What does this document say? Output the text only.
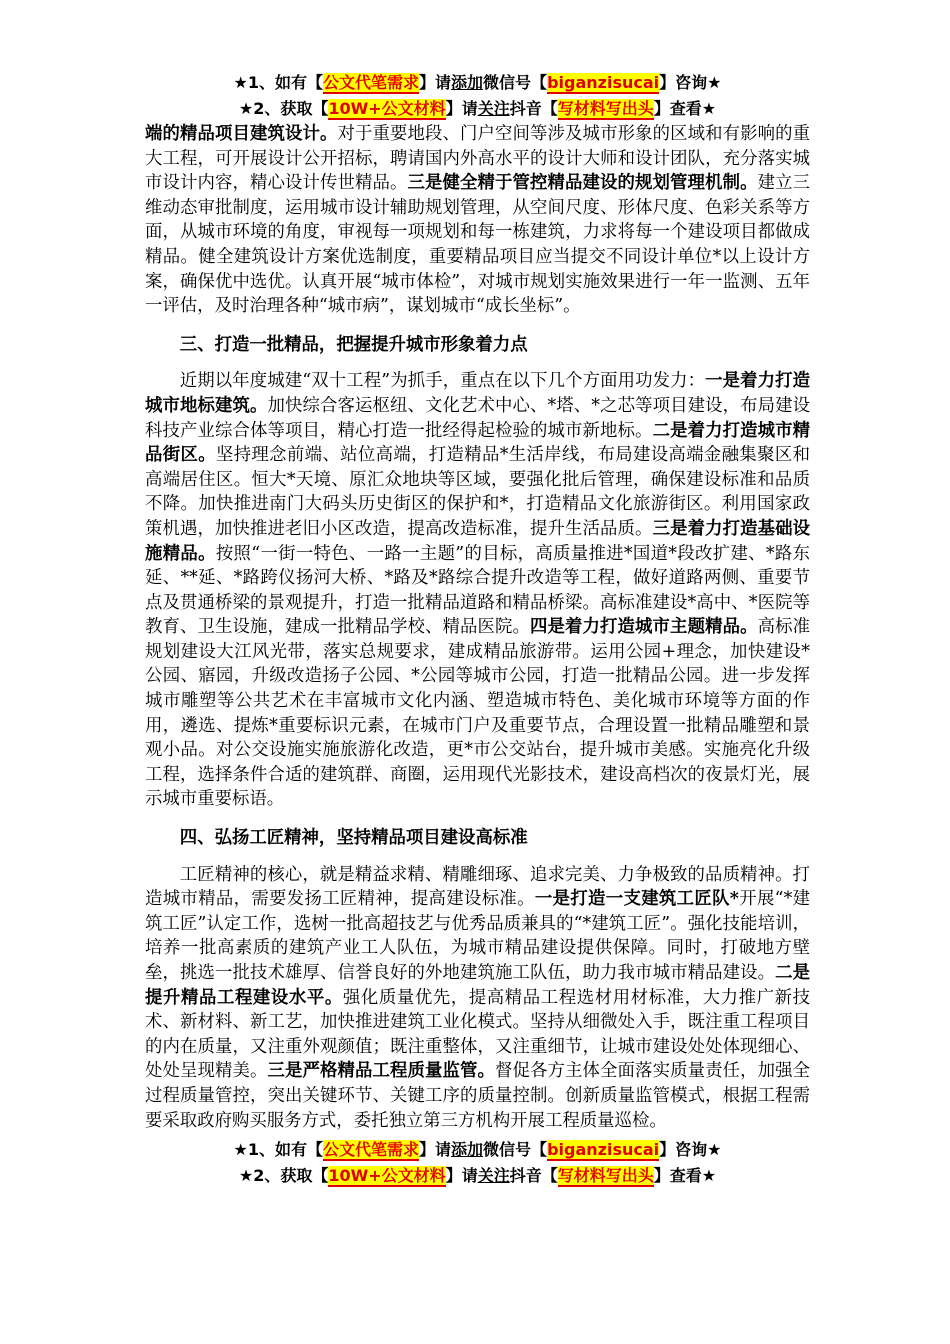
★1、如有【公文代笔需求】请添加微信号【biganzisucai】咨询★
★2、获取【10W+公文材料】请关注抖音【写材料写出头】查看★

端的精品项目建筑设计。对于重要地段、门户空间等涉及城市形象的区域和有影响的重大工程，可开展设计公开招标，聘请国内外高水平的设计大师和设计团队，充分落实城市设计内容，精心设计传世精品。三是健全精于管控精品建设的规划管理机制。建立三维动态审批制度，运用城市设计辅助规划管理，从空间尺度、形体尺度、色彩关系等方面，从城市环境的角度，审视每一项规划和每一栋建筑，力求将每一个建设项目都做成精品。健全建筑设计方案优选制度，重要精品项目应当提交不同设计单位*以上设计方案，确保优中选优。认真开展“城市体检”，对城市规划实施效果进行一年一监测、五年一评估，及时治理各种“城市病”，谋划城市“成长坐标”。

三、打造一批精品，把握提升城市形象着力点

近期以年度城建“双十工程”为抓手，重点在以下几个方面用功发力：一是着力打造城市地标建筑。加快综合客运枢纽、文化艺术中心、*塔、*之芯等项目建设，布局建设科技产业综合体等项目，精心打造一批经得起检验的城市新地标。二是着力打造城市精品街区。坚持理念前端、站位高端，打造精品*生活岸线，布局建设高端金融集聚区和高端居住区。恒大*天境、原汇众地块等区域，要强化批后管理，确保建设标准和品质不降。加快推进南门大码头历史街区的保护和*，打造精品文化旅游街区。利用国家政策机遇，加快推进老旧小区改造，提高改造标准，提升生活品质。三是着力打造基础设施精品。按照“一街一特色、一路一主题”的目标，高质量推进*国道*段改扩建、*路东延、**延、*路跨仪扬河大桥、*路及*路综合提升改造等工程，做好道路两侧、重要节点及贯通桥梁的景观提升，打造一批精品道路和精品桥梁。高标准建设*高中、*医院等教育、卫生设施，建成一批精品学校、精品医院。四是着力打造城市主题精品。高标准规划建设大江风光带，落实总规要求，建成精品旅游带。运用公园+理念，加快建设*公园、寤园，升级改造扬子公园、*公园等城市公园，打造一批精品公园。进一步发挥城市雕塑等公共艺术在丰富城市文化内涵、塑造城市特色、美化城市环境等方面的作用，遴选、提炼*重要标识元素，在城市门户及重要节点，合理设置一批精品雕塑和景观小品。对公交设施实施旅游化改造，更*市公交站台，提升城市美感。实施亮化升级工程，选择条件合适的建筑群、商圈，运用现代光影技术，建设高档次的夜景灯光，展示城市重要标语。

四、弘扬工匠精神，坚持精品项目建设高标准

工匠精神的核心，就是精益求精、精雕细琢、追求完美、力争极致的品质精神。打造城市精品，需要发扬工匠精神，提高建设标准。一是打造一支建筑工匠队*开展“*建筑工匠”认定工作，选树一批高超技艺与优秀品质兼具的“*建筑工匠”。强化技能培训，培养一批高素质的建筑产业工人队伍，为城市精品建设提供保障。同时，打破地方壁垒，挑选一批技术雄厚、信誉良好的外地建筑施工队伍，助力我市城市精品建设。二是提升精品工程建设水平。强化质量优先，提高精品工程选材用材标准，大力推广新技术、新材料、新工艺，加快推进建筑工业化模式。坚持从细微处入手，既注重工程项目的内在质量，又注重外观颜值；既注重整体，又注重细节，让城市建设处处体现细心、处处呈现精美。三是严格精品工程质量监管。督促各方主体全面落实质量责任，加强全过程质量管控，突出关键环节、关键工序的质量控制。创新质量监管模式，根据工程需要采取政府购买服务方式，委托独立第三方机构开展工程质量巡检。

★1、如有【公文代笔需求】请添加微信号【biganzisucai】咨询★
★2、获取【10W+公文材料】请关注抖音【写材料写出头】查看★
